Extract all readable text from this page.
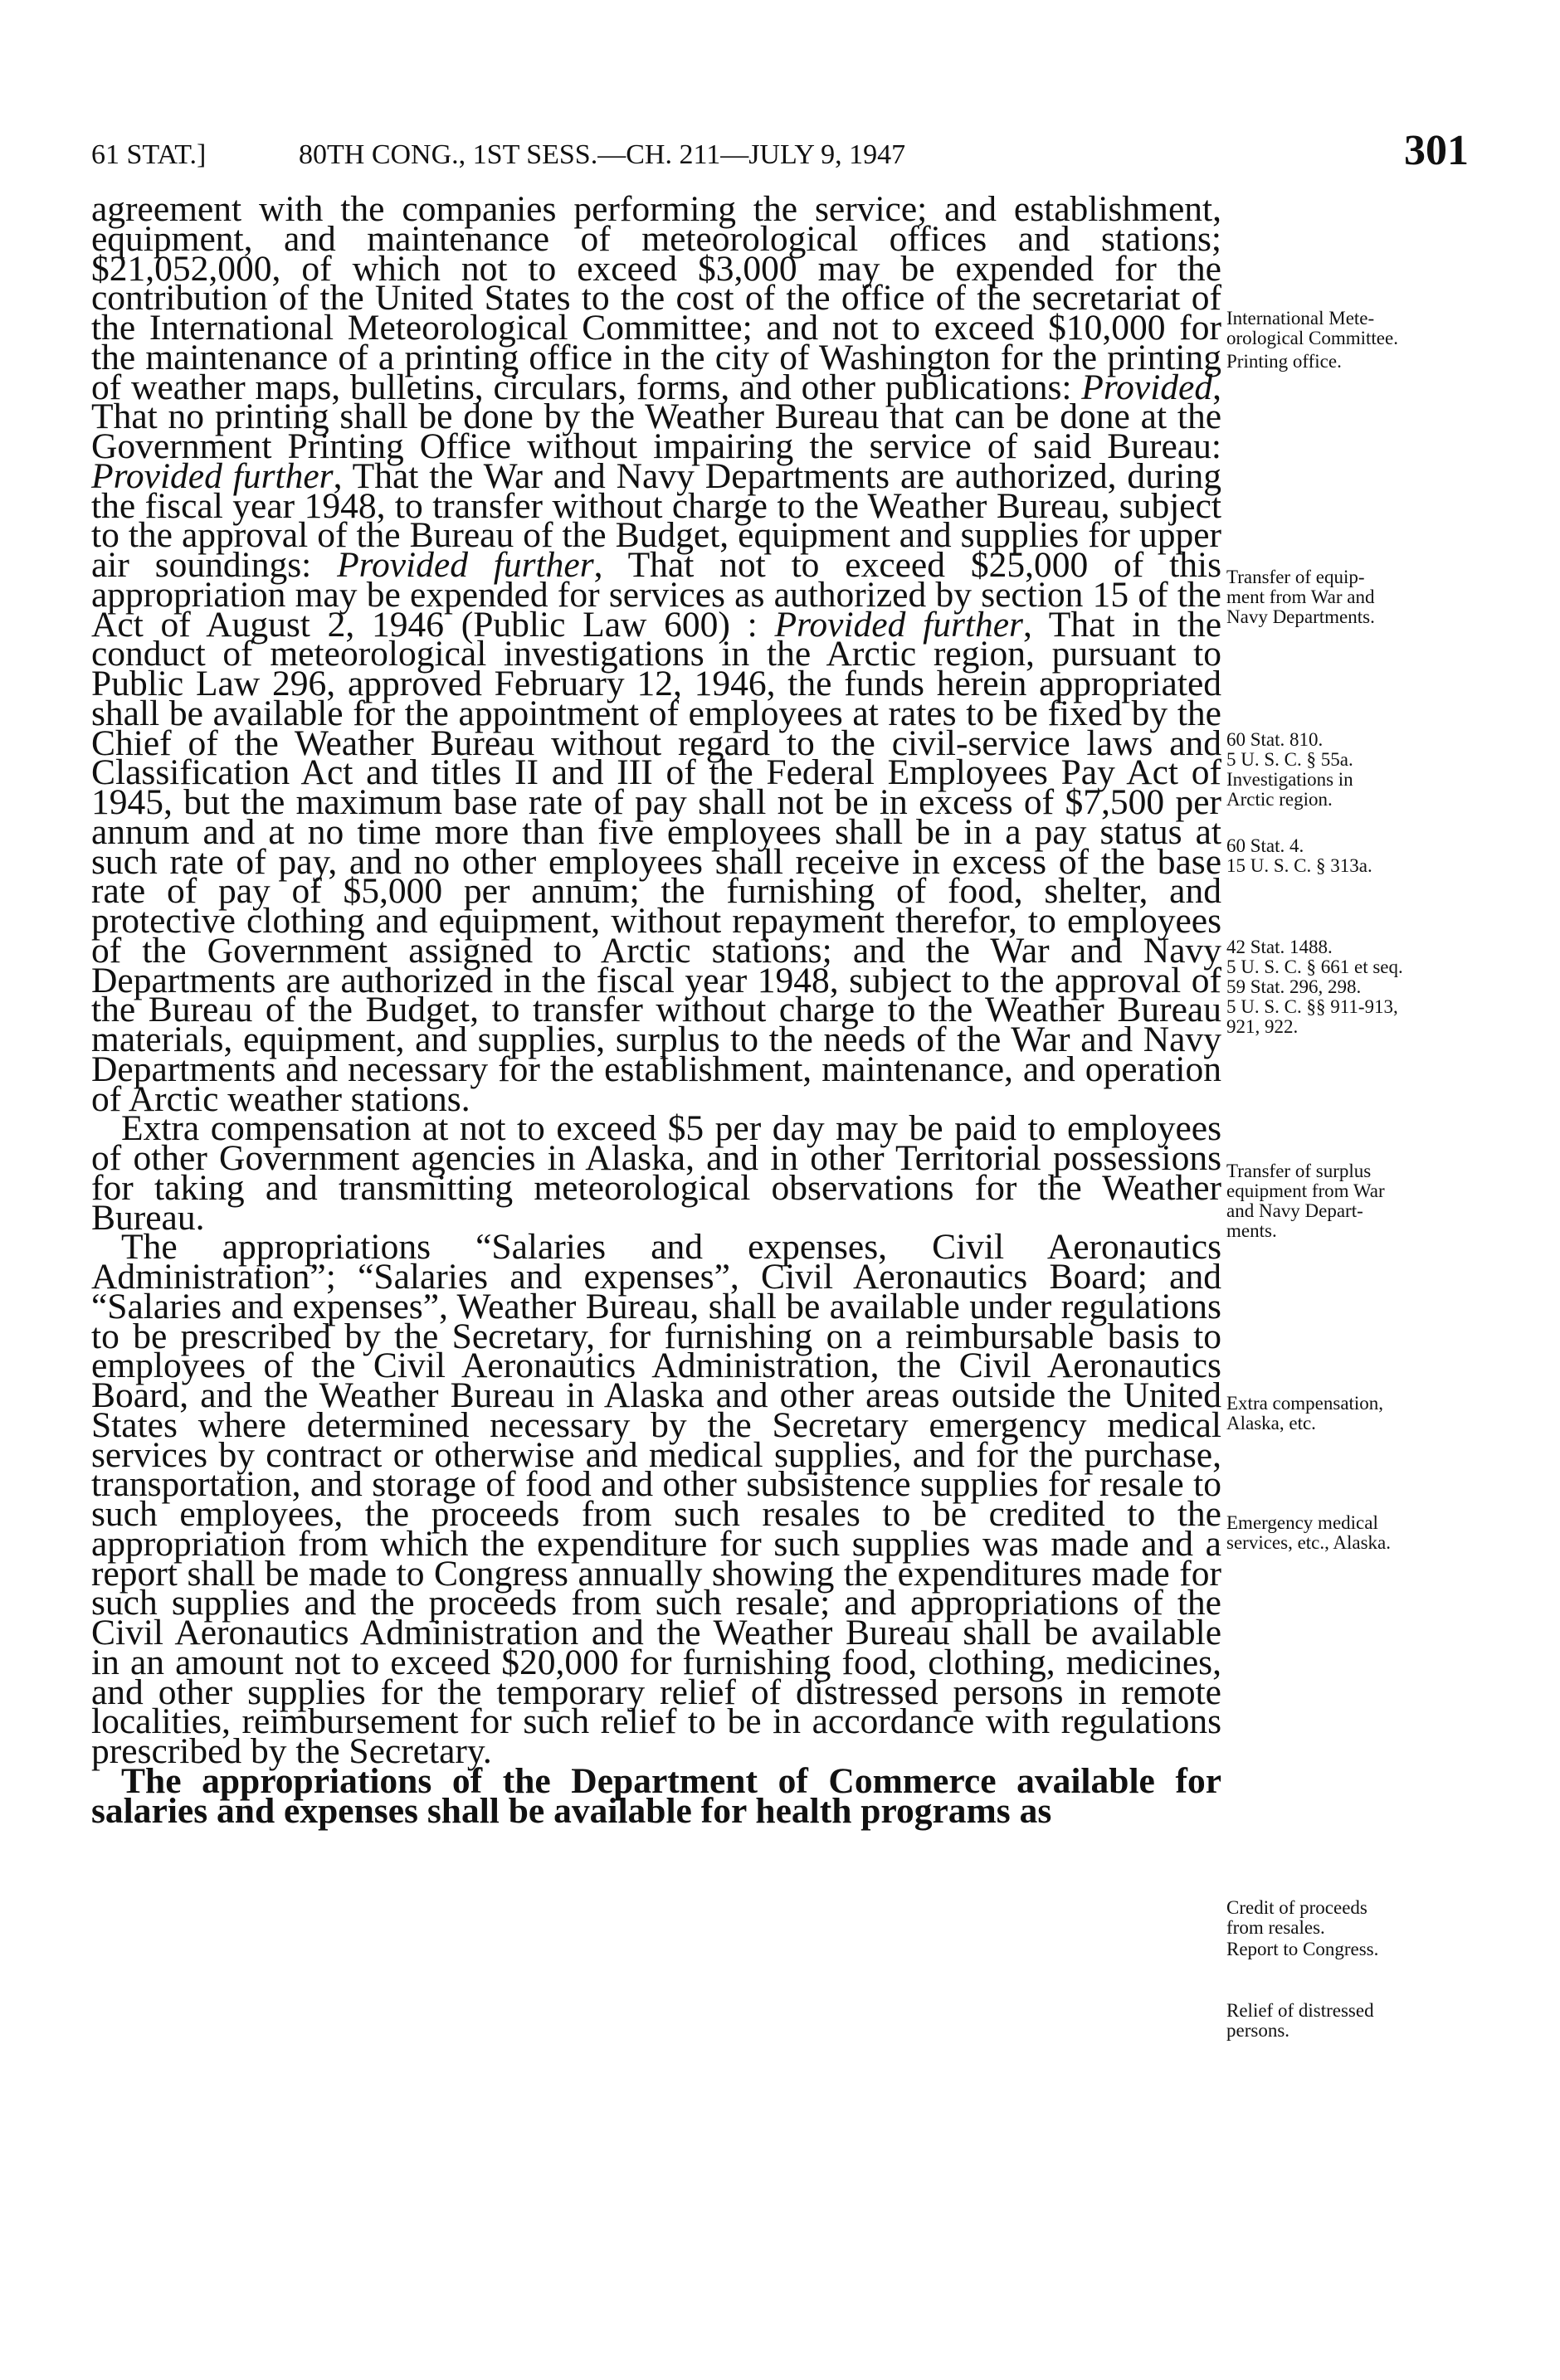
61 STAT.]	80TH CONG., 1ST SESS.—CH. 211—JULY 9, 1947	301

agreement with the companies performing the service; and establishment, equipment, and maintenance of meteorological offices and stations; $21,052,000, of which not to exceed $3,000 may be expended for the contribution of the United States to the cost of the office of the secretariat of the International Meteorological Committee; and not to exceed $10,000 for the maintenance of a printing office in the city of Washington for the printing of weather maps, bulletins, circulars, forms, and other publications: Provided, That no printing shall be done by the Weather Bureau that can be done at the Government Printing Office without impairing the service of said Bureau: Provided further, That the War and Navy Departments are authorized, during the fiscal year 1948, to transfer without charge to the Weather Bureau, subject to the approval of the Bureau of the Budget, equipment and supplies for upper air soundings: Provided further, That not to exceed $25,000 of this appropriation may be expended for services as authorized by section 15 of the Act of August 2, 1946 (Public Law 600) : Provided further, That in the conduct of meteorological investigations in the Arctic region, pursuant to Public Law 296, approved February 12, 1946, the funds herein appropriated shall be available for the appointment of employees at rates to be fixed by the Chief of the Weather Bureau without regard to the civil-service laws and Classification Act and titles II and III of the Federal Employees Pay Act of 1945, but the maximum base rate of pay shall not be in excess of $7,500 per annum and at no time more than five employees shall be in a pay status at such rate of pay, and no other employees shall receive in excess of the base rate of pay of $5,000 per annum; the furnishing of food, shelter, and protective clothing and equipment, without repayment therefor, to employees of the Government assigned to Arctic stations; and the War and Navy Departments are authorized in the fiscal year 1948, subject to the approval of the Bureau of the Budget, to transfer without charge to the Weather Bureau materials, equipment, and supplies, surplus to the needs of the War and Navy Departments and necessary for the establishment, maintenance, and operation of Arctic weather stations.

Extra compensation at not to exceed $5 per day may be paid to employees of other Government agencies in Alaska, and in other Territorial possessions for taking and transmitting meteorological observations for the Weather Bureau.

The appropriations “Salaries and expenses, Civil Aeronautics Administration”; “Salaries and expenses”, Civil Aeronautics Board; and “Salaries and expenses”, Weather Bureau, shall be available under regulations to be prescribed by the Secretary, for furnishing on a reimbursable basis to employees of the Civil Aeronautics Administration, the Civil Aeronautics Board, and the Weather Bureau in Alaska and other areas outside the United States where determined necessary by the Secretary emergency medical services by contract or otherwise and medical supplies, and for the purchase, transportation, and storage of food and other subsistence supplies for resale to such employees, the proceeds from such resales to be credited to the appropriation from which the expenditure for such supplies was made and a report shall be made to Congress annually showing the expenditures made for such supplies and the proceeds from such resale; and appropriations of the Civil Aeronautics Administration and the Weather Bureau shall be available in an amount not to exceed $20,000 for furnishing food, clothing, medicines, and other supplies for the temporary relief of distressed persons in remote localities, reimbursement for such relief to be in accordance with regulations prescribed by the Secretary.

The appropriations of the Department of Commerce available for salaries and expenses shall be available for health programs as

International Mete-
orological Committee.
Printing office.
Transfer of equip-
ment from War and
Navy Departments.
60 Stat. 810.
5 U. S. C. § 55a.
Investigations in
Arctic region.
60 Stat. 4.
15 U. S. C. § 313a.
42 Stat. 1488.
5 U. S. C. § 661 et seq.
59 Stat. 296, 298.
5 U. S. C. §§ 911-913,
921, 922.
Transfer of surplus
equipment from War
and Navy Depart-
ments.
Extra compensation,
Alaska, etc.
Emergency medical
services, etc., Alaska.
Credit of proceeds
from resales.
Report to Congress.
Relief of distressed
persons.
